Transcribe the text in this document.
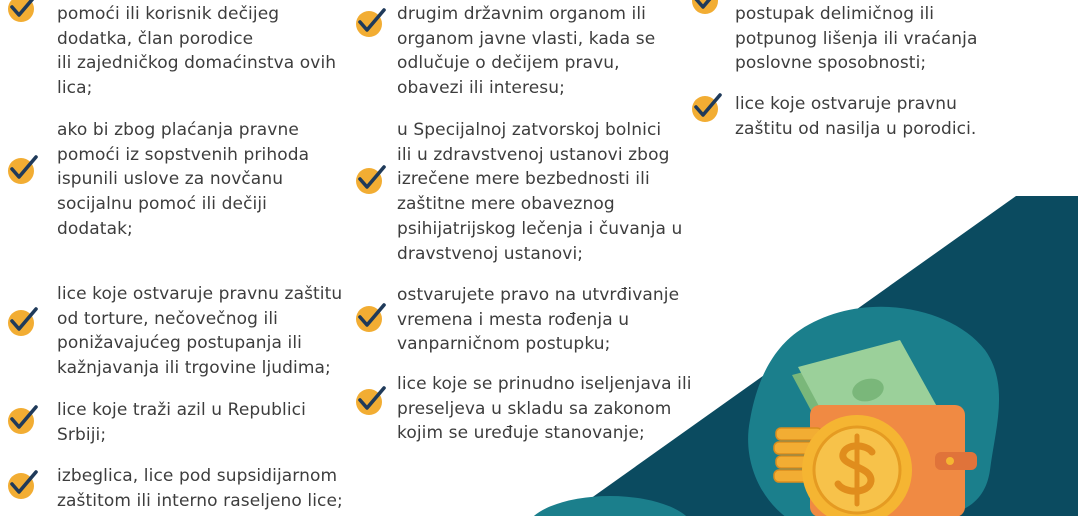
pomoći ili korisnik dečijeg
dodatka, član porodice
ili zajedničkog domaćinstva ovih
lica;
ako bi zbog plaćanja pravne
pomoći iz sopstvenih prihoda
ispunili uslove za novčanu
socijalnu pomoć ili dečiji
dodatak;
lice koje ostvaruje pravnu zaštitu
od torture, nečovečnog ili
ponižavajućeg postupanja ili
kažnjavanja ili trgovine ljudima;
lice koje traži azil u Republici
Srbiji;
izbeglica, lice pod supsidijarnom
zaštitom ili interno raseljeno lice;
drugim državnim organom ili
organom javne vlasti, kada se
odlučuje o dečijem pravu,
obavezi ili interesu;
u Specijalnoj zatvorskoj bolnici
ili u zdravstvenoj ustanovi zbog
izrečene mere bezbednosti ili
zaštitne mere obaveznog
psihijatrijskog lečenja i čuvanja u
dravstvenoj ustanovi;
ostvarujete pravo na utvrđivanje
vremena i mesta rođenja u
vanparničnom postupku;
lice koje se prinudno iseljenjava ili
preseljeva u skladu sa zakonom
kojim se uređuje stanovanje;
postupak delimičnog ili
potpunog lišenja ili vraćanja
poslovne sposobnosti;
lice koje ostvaruje pravnu
zaštitu od nasilja u porodici.
